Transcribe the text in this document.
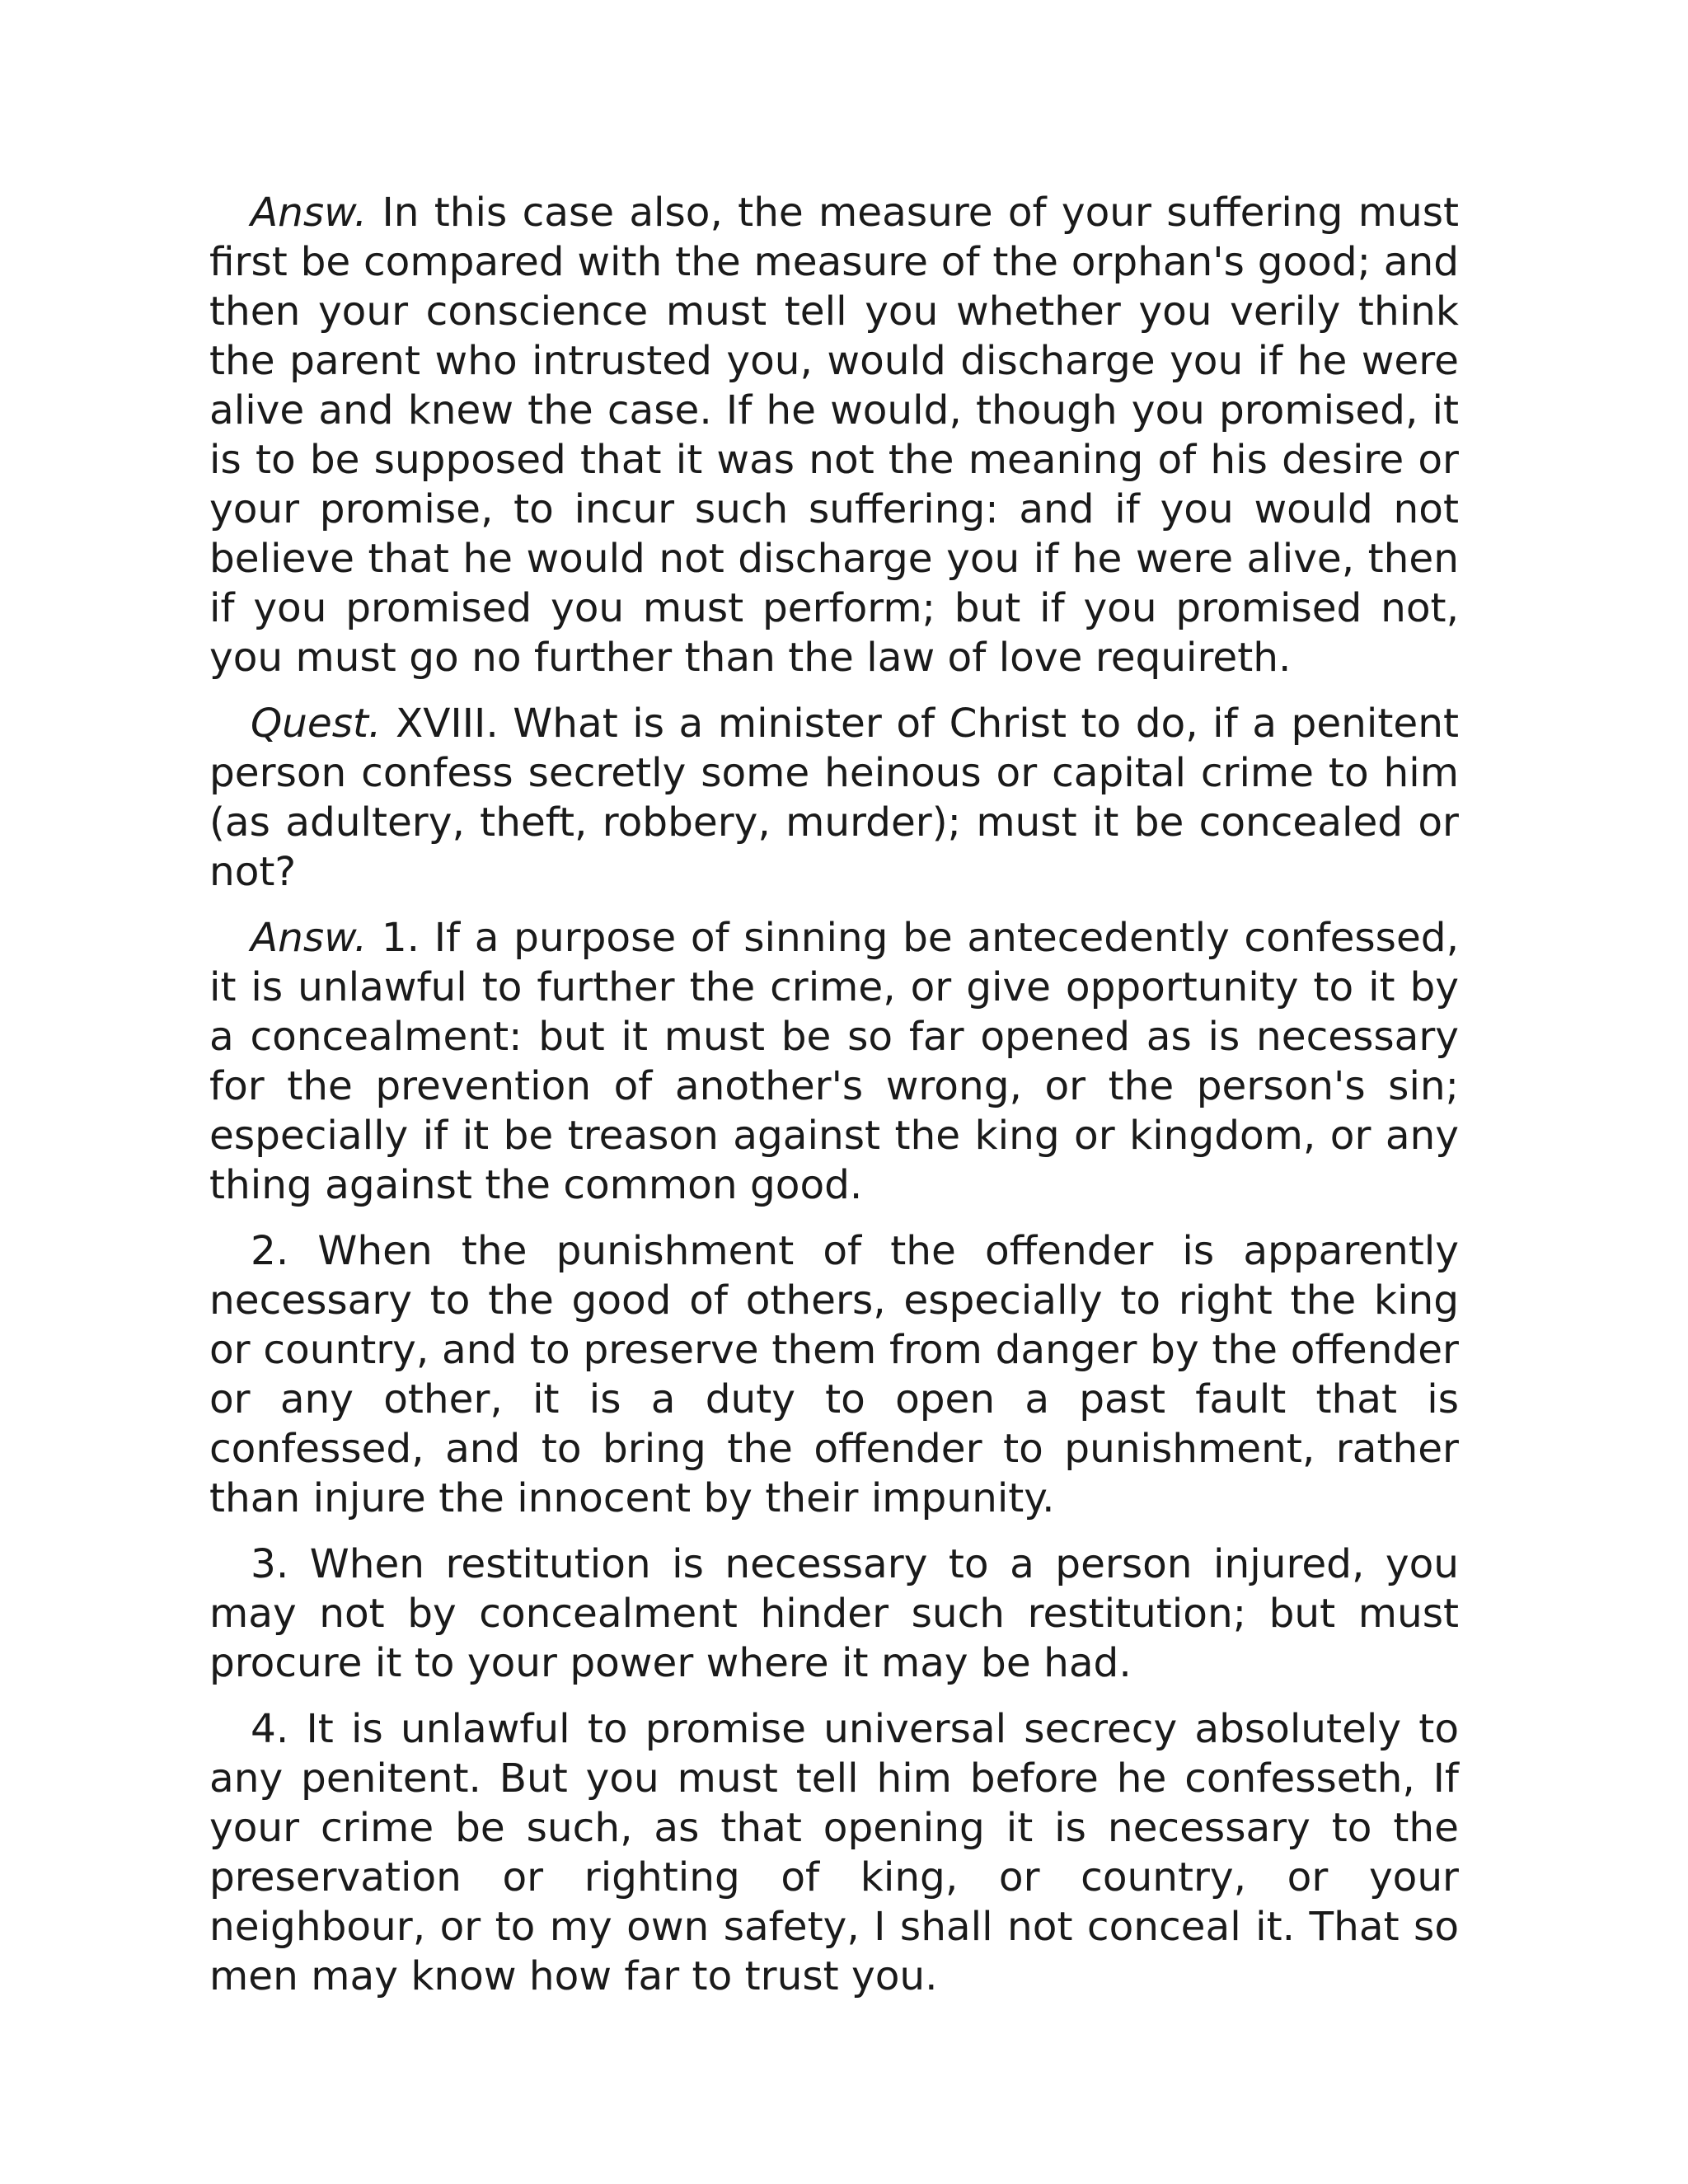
Answ. In this case also, the measure of your suffering must first be compared with the measure of the orphan's good; and then your conscience must tell you whether you verily think the parent who intrusted you, would discharge you if he were alive and knew the case. If he would, though you promised, it is to be supposed that it was not the meaning of his desire or your promise, to incur such suffering: and if you would not believe that he would not discharge you if he were alive, then if you promised you must perform; but if you promised not, you must go no further than the law of love requireth.

Quest. XVIII. What is a minister of Christ to do, if a penitent person confess secretly some heinous or capital crime to him (as adultery, theft, robbery, murder); must it be concealed or not?

Answ. 1. If a purpose of sinning be antecedently confessed, it is unlawful to further the crime, or give opportunity to it by a concealment: but it must be so far opened as is necessary for the prevention of another's wrong, or the person's sin; especially if it be treason against the king or kingdom, or any thing against the common good.

2. When the punishment of the offender is apparently necessary to the good of others, especially to right the king or country, and to preserve them from danger by the offender or any other, it is a duty to open a past fault that is confessed, and to bring the offender to punishment, rather than injure the innocent by their impunity.

3. When restitution is necessary to a person injured, you may not by concealment hinder such restitution; but must procure it to your power where it may be had.

4. It is unlawful to promise universal secrecy absolutely to any penitent. But you must tell him before he confesseth, If your crime be such, as that opening it is necessary to the preservation or righting of king, or country, or your neighbour, or to my own safety, I shall not conceal it. That so men may know how far to trust you.
